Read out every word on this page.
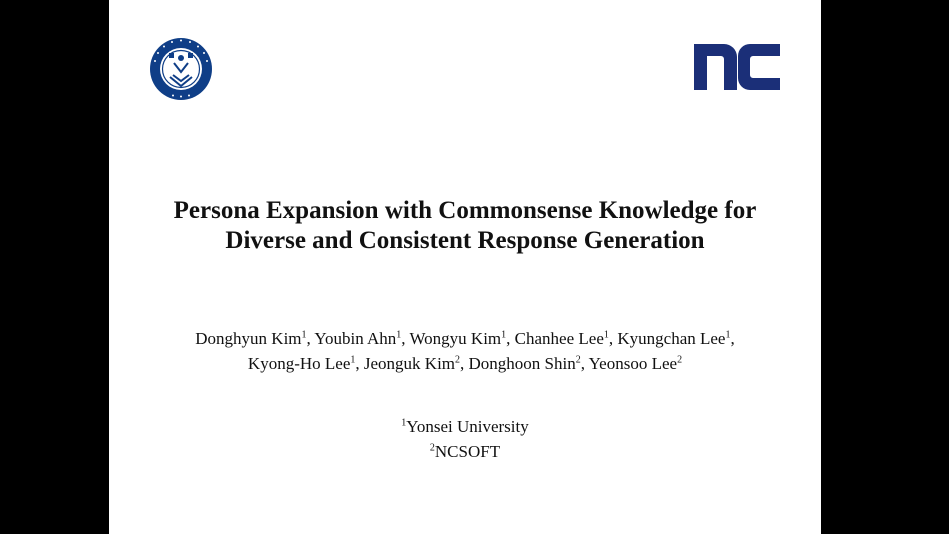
Persona Expansion with Commonsense Knowledge for
Diverse and Consistent Response Generation
Donghyun Kim$^1$, Youbin Ahn$^1$, Wongyu Kim$^1$, Chanhee Lee$^1$, Kyungchan Lee$^1$,
Kyong-Ho Lee$^1$, Jeonguk Kim$^2$, Donghoon Shin$^2$, Yeonsoo Lee$^2$
$^1$Yonsei University
$^2$NCSOFT
